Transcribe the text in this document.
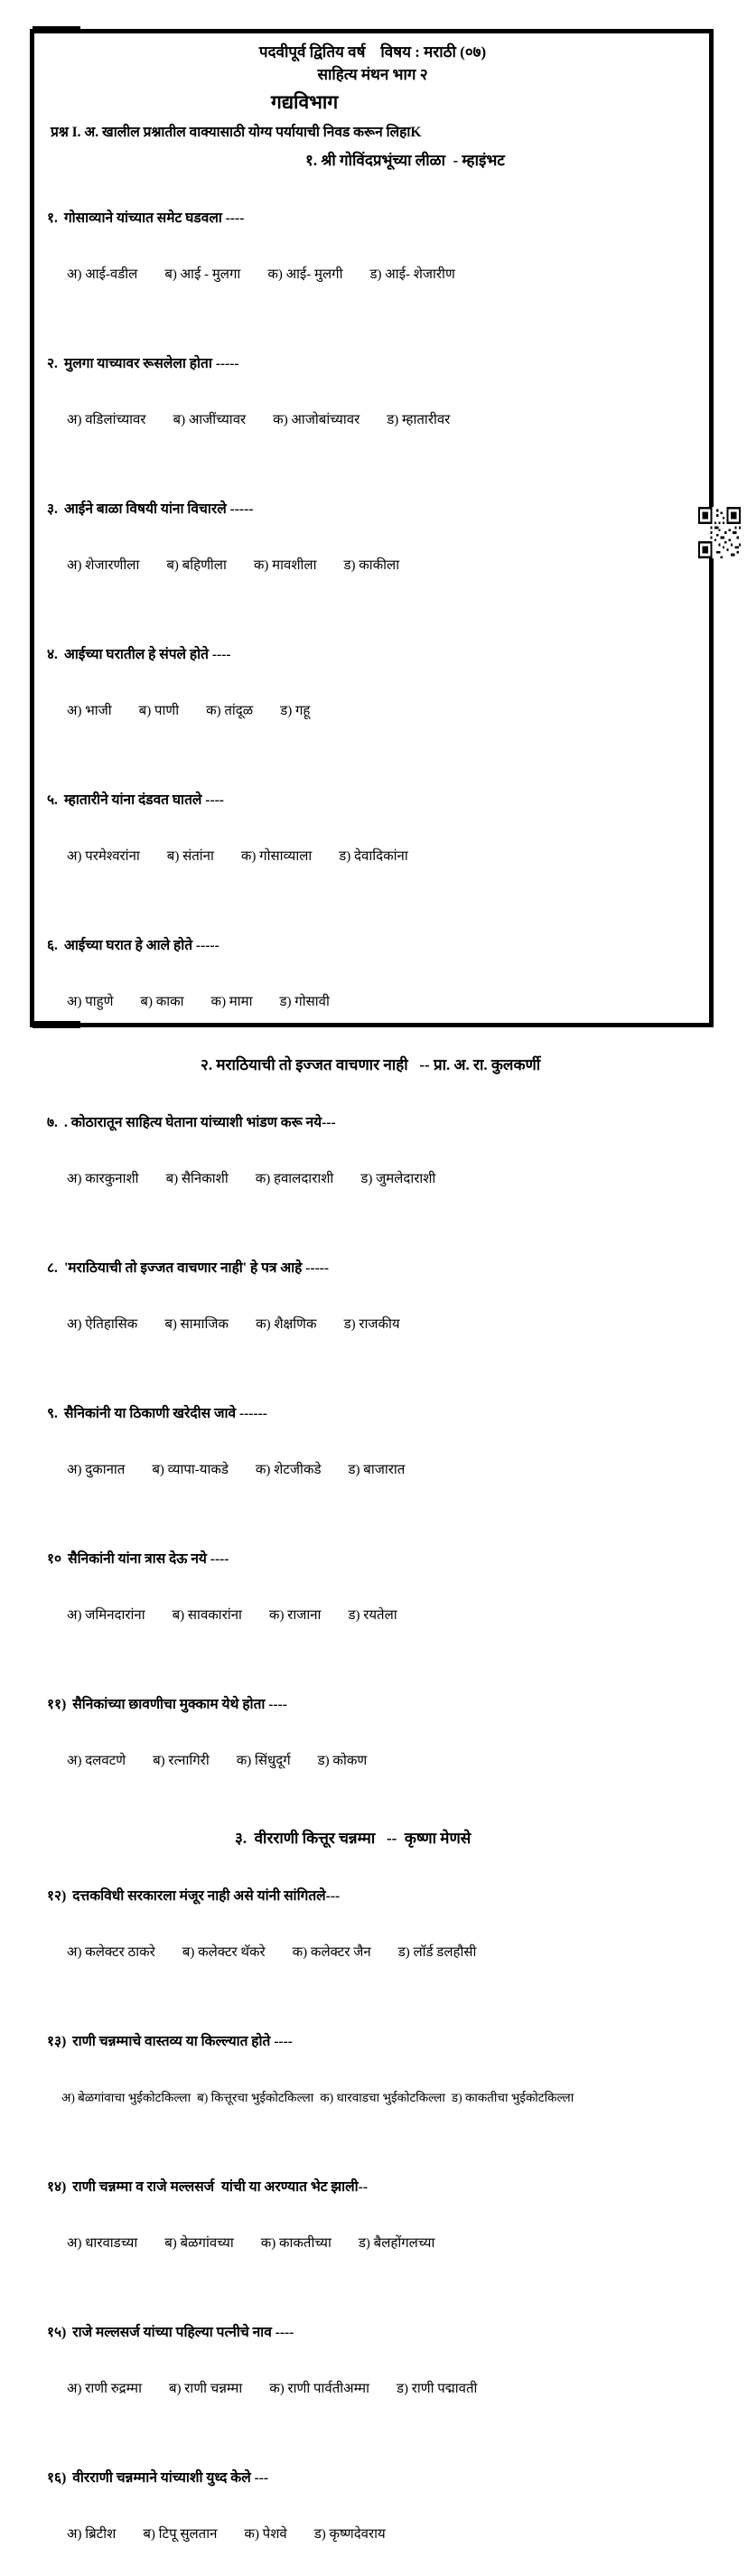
पदवीपूर्व द्वितिय वर्ष    विषय : मराठी (०७)
साहित्य मंथन भाग २
गद्यविभाग
प्रश्न I. अ. खालील प्रश्नातील वाक्यासाठी योग्य पर्यायाची निवड करून लिहाK
१. श्री गोविंदप्रभूंच्या लीळा  - म्हाइंभट

१. गोसाव्याने यांच्यात समेट घडवला ----

अ) आई-वडील ब) आई - मुलगा क) आई- मुलगी ड) आई- शेजारीण

२. मुलगा याच्यावर रूसलेला होता -----

अ) वडिलांच्यावर ब) आजींच्यावर क) आजोबांच्यावर ड) म्हातारीवर

३. आईने बाळा विषयी यांना विचारले -----

अ) शेजारणीला ब) बहिणीला क) मावशीला ड) काकीला

४. आईच्या घरातील हे संपले होते ----

अ) भाजी ब) पाणी क) तांदूळ ड) गहू

५. म्हातारीने यांना दंडवत घातले ----

अ) परमेश्वरांना ब) संतांना क) गोसाव्याला ड) देवादिकांना

६. आईच्या घरात हे आले होते -----

अ) पाहुणे ब) काका क) मामा ड) गोसावी

२. मराठियाची तो इज्जत वाचणार नाही   -- प्रा. अ. रा. कुलकर्णी

७. . कोठारातून साहित्य घेताना यांच्याशी भांडण करू नये---

अ) कारकुनाशी ब) सैनिकाशी क) हवालदाराशी ड) जुमलेदाराशी

८. 'मराठियाची तो इज्जत वाचणार नाही' हे पत्र आहे -----

अ) ऐतिहासिक ब) सामाजिक क) शैक्षणिक ड) राजकीय

९. सैनिकांनी या ठिकाणी खरेदीस जावे ------

अ) दुकानात ब) व्यापा-याकडे क) शेटजीकडे ड) बाजारात

१० सैनिकांनी यांना त्रास देऊ नये ----

अ) जमिनदारांना ब) सावकारांना क) राजाना ड) रयतेला

११) सैनिकांच्या छावणीचा मुक्काम येथे होता ----

अ) दलवटणे ब) रत्नागिरी क) सिंधुदूर्ग ड) कोकण

३.  वीरराणी कित्तूर चन्नम्मा   --  कृष्णा मेणसे

१२) दत्तकविधी सरकारला मंजूर नाही असे यांनी सांगितले---

अ) कलेक्टर ठाकरे ब) कलेक्टर थॅकरे क) कलेक्टर जैन ड) लॉर्ड डलहौसी

१३) राणी चन्नम्माचे वास्तव्य या किल्ल्यात होते ----

अ) बेळगांवाचा भुईकोटकिल्ला ब) कित्तूरचा भुईकोटकिल्ला क) धारवाडचा भुईकोटकिल्ला ड) काकतीचा भुईकोटकिल्ला

१४) राणी चन्नम्मा व राजे मल्लसर्ज  यांची या अरण्यात भेट झाली--

अ) धारवाडच्या ब) बेळगांवच्या क) काकतीच्या ड) बैलहोंगलच्या

१५) राजे मल्लसर्ज यांच्या पहिल्या पत्नीचे नाव ----

अ) राणी रुद्रम्मा ब) राणी चन्नम्मा क) राणी पार्वतीअम्मा ड) राणी पद्मावती

१६) वीरराणी चन्नम्माने यांच्याशी युध्द केले ---

अ) ब्रिटीश ब) टिपू सुलतान क) पेशवे ड) कृष्णदेवराय
